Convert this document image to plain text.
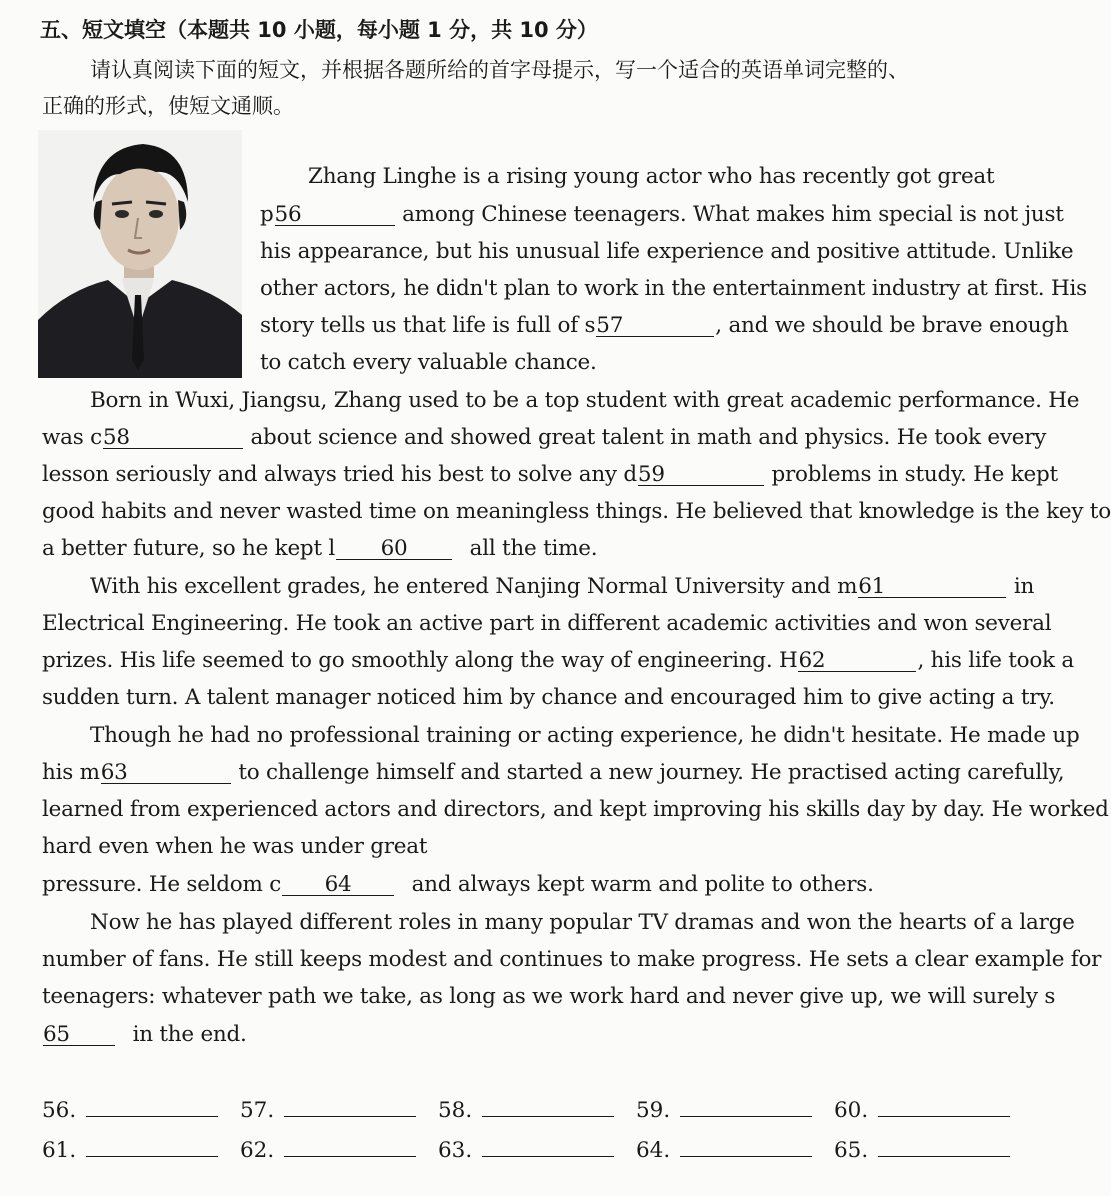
五、短文填空（本题共 10 小题，每小题 1 分，共 10 分）
请认真阅读下面的短文，并根据各题所给的首字母提示，写一个适合的英语单词完整的、
正确的形式，使短文通顺。
Zhang Linghe is a rising young actor who has recently got great
p56	among Chinese teenagers. What makes him special is not just
his appearance, but his unusual life experience and positive attitude. Unlike
other actors, he didn't plan to work in the entertainment industry at first. His
story tells us that life is full of s57	, and we should be brave enough
to catch every valuable chance.
Born in Wuxi, Jiangsu, Zhang used to be a top student with great academic performance. He
was c58	about science and showed great talent in math and physics. He took every
lesson seriously and always tried his best to solve any d59	problems in study. He kept
good habits and never wasted time on meaningless things. He believed that knowledge is the key to
a better future, so he kept l 60	all the time.
With his excellent grades, he entered Nanjing Normal University and m61	in
Electrical Engineering. He took an active part in different academic activities and won several
prizes. His life seemed to go smoothly along the way of engineering. H62	, his life took a
sudden turn. A talent manager noticed him by chance and encouraged him to give acting a try.
Though he had no professional training or acting experience, he didn't hesitate. He made up
his m63	to challenge himself and started a new journey. He practised acting carefully,
learned from experienced actors and directors, and kept improving his skills day by day. He worked
hard even when he was under great
pressure. He seldom c 64	and always kept warm and polite to others.
Now he has played different roles in many popular TV dramas and won the hearts of a large
number of fans. He still keeps modest and continues to make progress. He sets a clear example for
teenagers: whatever path we take, as long as we work hard and never give up, we will surely s
65	in the end.
56.	57.	58.	59.	60.
61.	62.	63.	64.	65.
